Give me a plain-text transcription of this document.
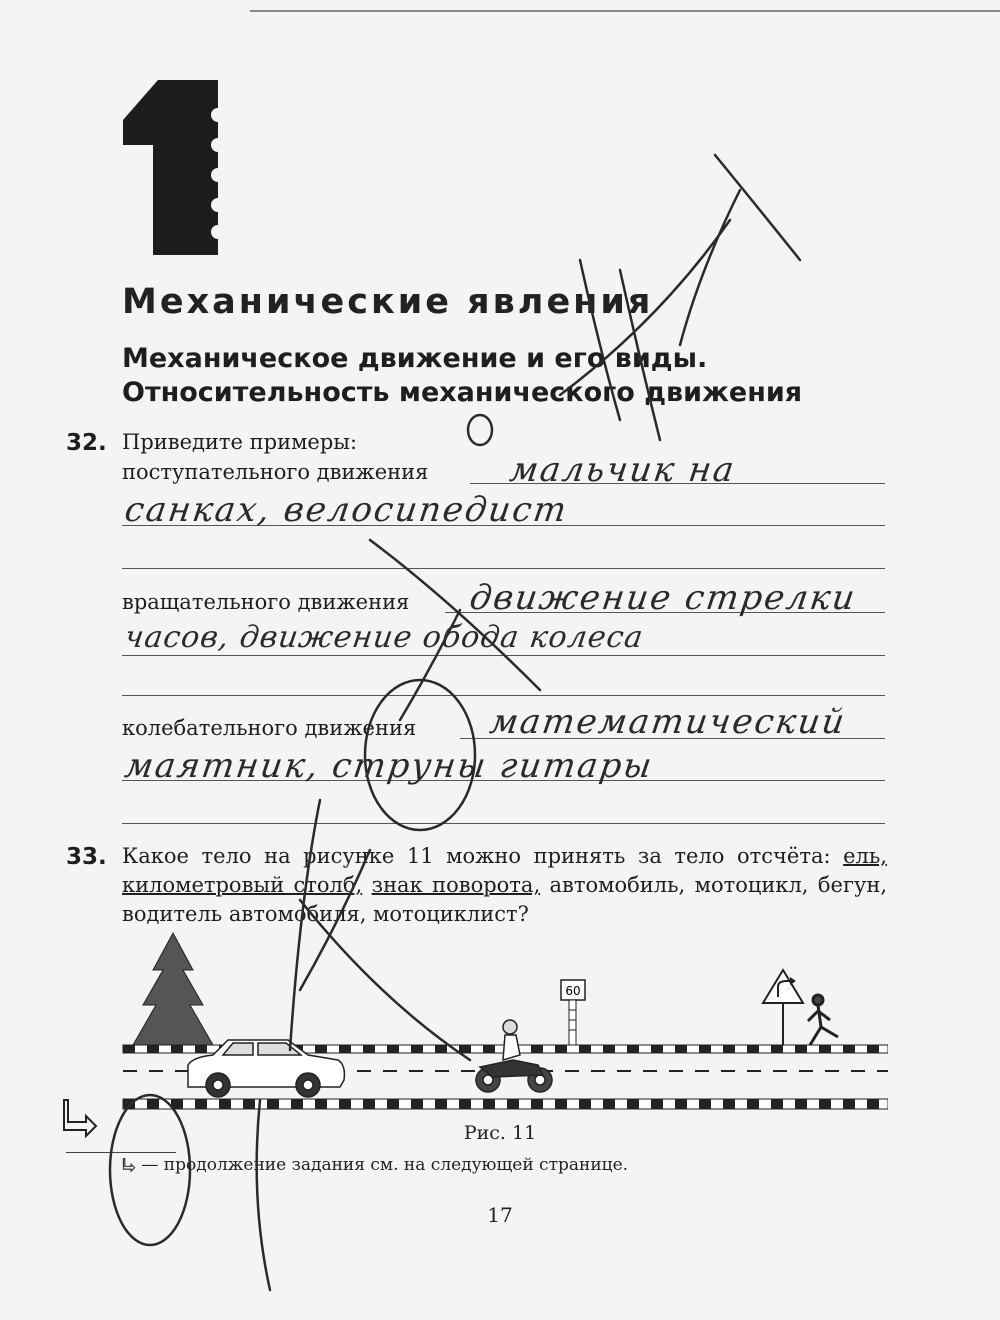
Механические явления
Механическое движение и его виды.
Относительность механического движения
32. Приведите примеры:
поступательного движения мальчик на
санках, велосипедист
вращательного движения движение стрелки
часов, движение обода колеса
колебательного движения математический
маятник, струны гитары
33. Какое тело на рисунке 11 можно принять за тело отсчёта: ель, километровый столб, знак поворота, автомобиль, мотоцикл, бегун, водитель автомобиля, мотоциклист?
60
Рис. 11
— продолжение задания см. на следующей странице.
17
